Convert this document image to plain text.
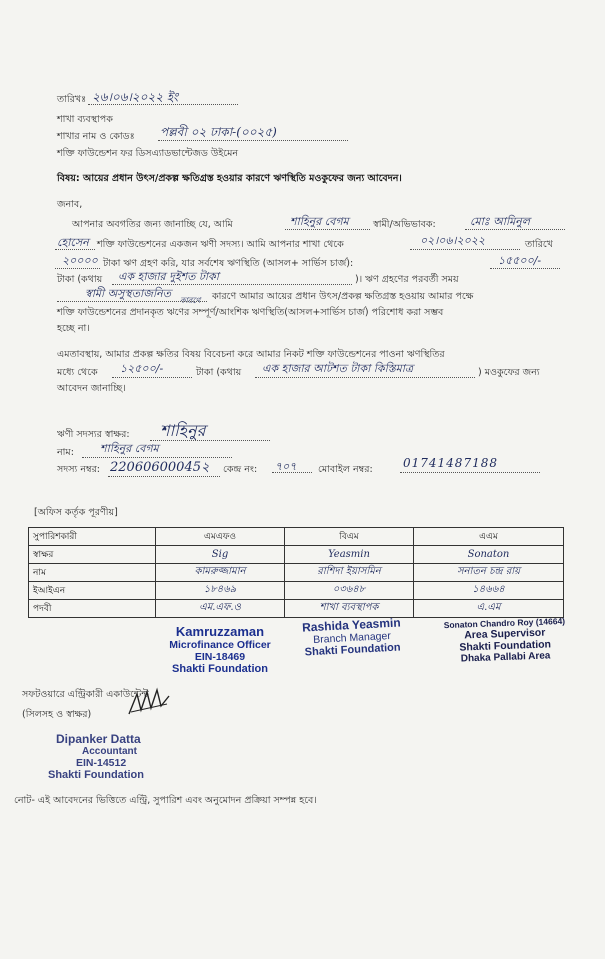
তারিখঃ ২৬।০৬।২০২২ ইং
শাখা ব্যবস্থাপক
শাখার নাম ও কোডঃ পল্লবী ০২ ঢাকা-(০০২৫)
শক্তি ফাউন্ডেশন ফর ডিসএ্যাডভান্টেজড উইমেন
বিষয়: আয়ের প্রধান উৎস/প্রকল্প ক্ষতিগ্রস্ত হওয়ার কারণে ঋণস্থিতি মওকুফের জন্য আবেদন।
জনাব,
আপনার অবগতির জন্য জানাচ্ছি যে, আমি	শাহিনুর বেগম	স্বামী/অভিভাবক:	মোঃ আমিনুল
হোসেন শক্তি ফাউন্ডেশনের একজন ঋণী সদস্য। আমি আপনার শাখা থেকে	০২।০৬।২০২২	তারিখে
২০০০০ টাকা ঋণ গ্রহণ করি, যার সর্বশেষ ঋণস্থিতি (আসল+ সার্ভিস চার্জ):	১৫৫০০/-
টাকা (কথায় এক হাজার দুইশত টাকা	)। ঋণ গ্রহণের পরবর্তী সময়
স্বামী অসুস্থতাজনিত
কারণে কারণে আমার আয়ের প্রধান উৎস/প্রকল্প ক্ষতিগ্রস্ত হওয়ায় আমার পক্ষে
শক্তি ফাউন্ডেশনের প্রদানকৃত ঋণের সম্পূর্ণ/আংশিক ঋণস্থিতি(আসল+সার্ভিস চার্জ) পরিশোধ করা সম্ভব
হচ্ছে না।
এমতাবস্থায়, আমার প্রকল্প ক্ষতির বিষয় বিবেচনা করে আমার নিকট শক্তি ফাউন্ডেশনের পাওনা ঋণস্থিতির
মধ্যে থেকে ১২৫০০/-	টাকা (কথায় এক হাজার আটশত টাকা কিস্তিমাত্র	) মওকুফের জন্য
আবেদন জানাচ্ছি।
ঋণী সদস্যর স্বাক্ষর: শাহিনুর
নাম: শাহিনুর বেগম
সদস্য নম্বর: 22060600045২ কেন্দ্র নং: ৭০৭ মোবাইল নম্বর:	01741487188
[অফিস কর্তৃক পূরণীয়]
সুপারিশকারী	এমএফও	বিএম	এএম
স্বাক্ষর	Sig	Yeasmin	Sonaton
নাম	কামরুজ্জামান	রাশিদা ইয়াসমিন	সনাতন চন্দ্র রায়
ইআইএন	১৮৪৬৯	০৩৬৪৮	১৪৬৬৪
পদবী	এম.এফ.ও	শাখা ব্যবস্থাপক	এ.এম
Kamruzzaman
Microfinance Officer
EIN-18469
Shakti Foundation
Rashida Yeasmin
Branch Manager
Shakti Foundation
Sonaton Chandro Roy (14664)
Area Supervisor
Shakti Foundation
Dhaka Pallabi Area
সফটওয়ারে এন্ট্রিকারী একাউন্টেন্ট
(সিলসহ ও স্বাক্ষর)
Dipanker Datta
Accountant
EIN-14512
Shakti Foundation
নোট- এই আবেদনের ভিত্তিতে এন্ট্রি, সুপারিশ এবং অনুমোদন প্রক্রিয়া সম্পন্ন হবে।
